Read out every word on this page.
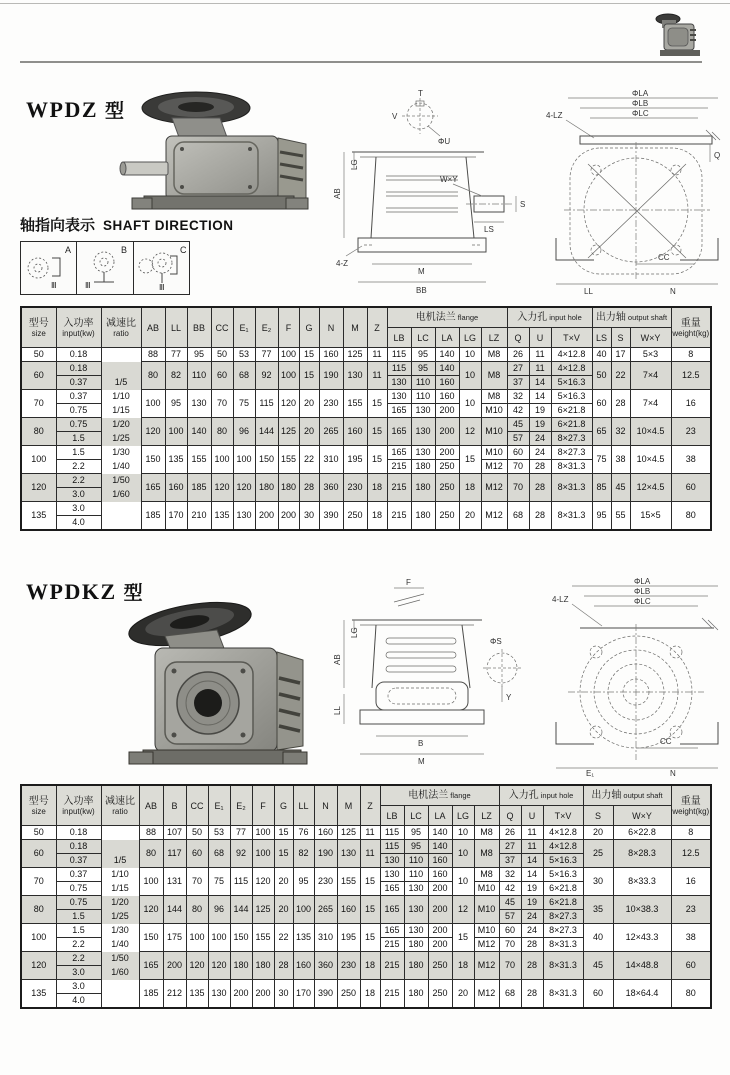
WPDZ 型
T
V
ΦU
W×Y
LS
S
AB
LG
4-Z
M
BB
ΦLA
ΦLB
ΦLC
4-LZ
Q
CC
LL	N
轴指向表示 SHAFT DIRECTION
A
Ⅲ
B
Ⅲ
C
Ⅲ
型号
size	入功率
input(kw)	减速比
ratio	AB	LL	BB	CC	E₁	E₂	F	G	N	M	Z	电机法兰 flange					入力孔 input hole			出力轴 output shaft			重量
weight(kg)

														LB	LC	LA	LG	LZ	Q	U	T×V	LS	S	W×Y	
50	0.18		88	77	95	50	53	77	100	15	160	125	11	115	95	140	10	M8	26	11	4×12.8	40	17	5×3	8
60	0.18		80	82	110	60	68	92	100	15	190	130	11	115	95	140	10	M8	27	11	4×12.8	50	22	7×4	12.5
	0.37	1/5												130	110	160			37	14	5×16.3				
70	0.37	1/10	100	95	130	70	75	115	120	20	230	155	15	130	110	160	10	M8	32	14	5×16.3	60	28	7×4	16
	0.75	1/15												165	130	200		M10	42	19	6×21.8				
80	0.75	1/20	120	100	140	80	96	144	125	20	265	160	15	165	130	200	12	M10	45	19	6×21.8	65	32	10×4.5	23
	1.5	1/25																	57	24	8×27.3				
100	1.5	1/30	150	135	155	100	100	150	155	22	310	195	15	165	130	200	15	M10	60	24	8×27.3	75	38	10×4.5	38
	2.2	1/40												215	180	250		M12	70	28	8×31.3				
120	2.2	1/50	165	160	185	120	120	180	180	28	360	230	18	215	180	250	18	M12	70	28	8×31.3	85	45	12×4.5	60
	3.0	1/60																							
135	3.0		185	170	210	135	130	200	200	30	390	250	18	215	180	250	20	M12	68	28	8×31.3	95	55	15×5	80
	4.0																								
WPDKZ 型
F
AB
LG
LL
B
M
ΦS
Y
ΦLA
ΦLB
ΦLC
4-LZ
CC
E₁	N
型号
size	入功率
input(kw)	减速比
ratio	AB	B	CC	E₁	E₂	F	G	LL	N	M	Z	电机法兰 flange					入力孔 input hole			出力轴 output shaft		重量
weight(kg)

														LB	LC	LA	LG	LZ	Q	U	T×V	S	W×Y	
50	0.18		88	107	50	53	77	100	15	76	160	125	11	115	95	140	10	M8	26	11	4×12.8	20	6×22.8	8
60	0.18		80	117	60	68	92	100	15	82	190	130	11	115	95	140	10	M8	27	11	4×12.8	25	8×28.3	12.5
	0.37	1/5												130	110	160			37	14	5×16.3			
70	0.37	1/10	100	131	70	75	115	120	20	95	230	155	15	130	110	160	10	M8	32	14	5×16.3	30	8×33.3	16
	0.75	1/15												165	130	200		M10	42	19	6×21.8			
80	0.75	1/20	120	144	80	96	144	125	20	100	265	160	15	165	130	200	12	M10	45	19	6×21.8	35	10×38.3	23
	1.5	1/25																	57	24	8×27.3			
100	1.5	1/30	150	175	100	100	150	155	22	135	310	195	15	165	130	200	15	M10	60	24	8×27.3	40	12×43.3	38
	2.2	1/40												215	180	200		M12	70	28	8×31.3			
120	2.2	1/50	165	200	120	120	180	180	28	160	360	230	18	215	180	250	18	M12	70	28	8×31.3	45	14×48.8	60
	3.0	1/60																						
135	3.0		185	212	135	130	200	200	30	170	390	250	18	215	180	250	20	M12	68	28	8×31.3	60	18×64.4	80
	4.0																							
